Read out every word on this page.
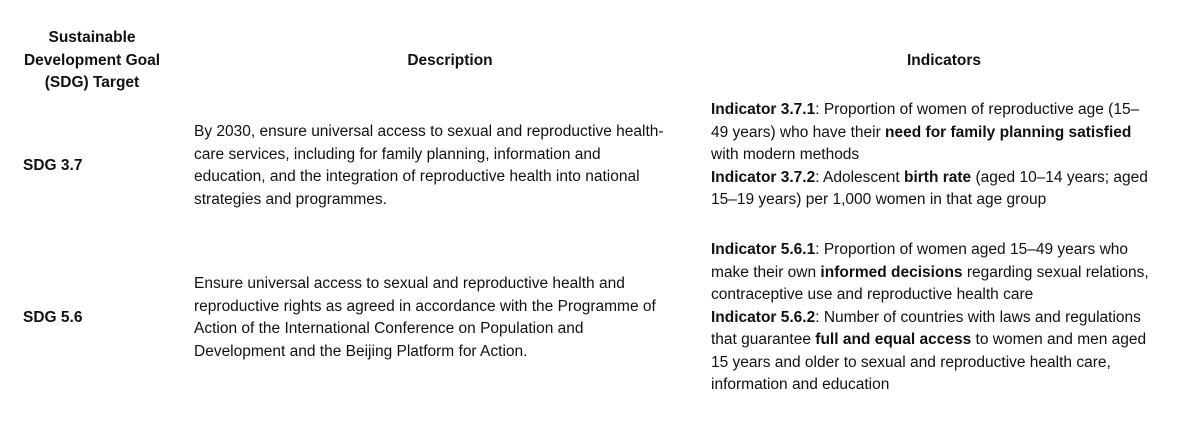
Sustainable
Development Goal
(SDG) Target
Description	Indicators
SDG 3.7
By 2030, ensure universal access to sexual and reproductive health-
care services, including for family planning, information and
education, and the integration of reproductive health into national
strategies and programmes.
Indicator 3.7.1: Proportion of women of reproductive age (15–
49 years) who have their need for family planning satisfied
with modern methods
Indicator 3.7.2: Adolescent birth rate (aged 10–14 years; aged
15–19 years) per 1,000 women in that age group
SDG 5.6
Ensure universal access to sexual and reproductive health and
reproductive rights as agreed in accordance with the Programme of
Action of the International Conference on Population and
Development and the Beijing Platform for Action.
Indicator 5.6.1: Proportion of women aged 15–49 years who
make their own informed decisions regarding sexual relations,
contraceptive use and reproductive health care
Indicator 5.6.2: Number of countries with laws and regulations
that guarantee full and equal access to women and men aged
15 years and older to sexual and reproductive health care,
information and education
